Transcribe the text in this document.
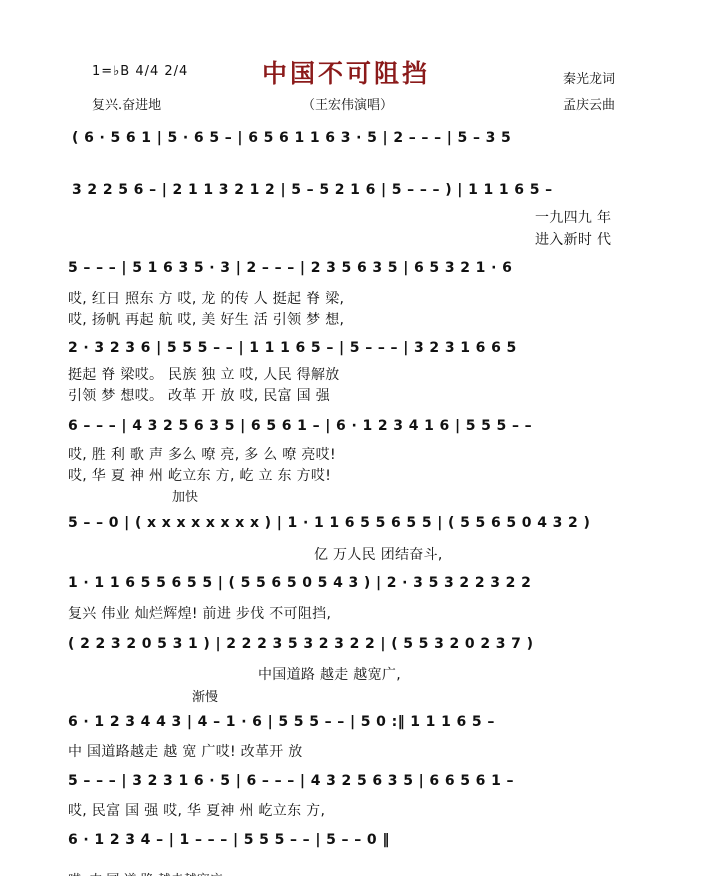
1=♭B 4/4 2/4
复兴.奋进地
中国不可阻挡
（王宏伟演唱）
秦光龙词
孟庆云曲
( 6 · 5 6 1 | 5 · 6 5 – | 6 5 6 1 1 6 3 · 5 | 2 – – – | 5 – 3 5
3 2 2 5 6 – | 2 1 1 3 2 1 2 | 5 – 5 2 1 6 | 5 – – – ) | 1 1 1 6 5 –
一九四九 年
进入新时 代
5 – – – | 5 1 6 3 5 · 3 | 2 – – – | 2 3 5 6 3 5 | 6 5 3 2 1 · 6
哎, 红日 照东 方 哎, 龙 的传 人 挺起 脊 梁,
哎, 扬帆 再起 航 哎, 美 好生 活 引领 梦 想,
2 · 3 2 3 6 | 5 5 5 – – | 1 1 1 6 5 – | 5 – – – | 3 2 3 1 6 6 5
挺起 脊 梁哎。 民族 独 立 哎, 人民 得解放
引领 梦 想哎。 改革 开 放 哎, 民富 国 强
6 – – – | 4 3 2 5 6 3 5 | 6 5 6 1 – | 6 · 1 2 3 4 1 6 | 5 5 5 – –
哎, 胜 利 歌 声 多么 嘹 亮, 多 么 嘹 亮哎!
哎, 华 夏 神 州 屹立东 方, 屹 立 东 方哎!
加快
5 – – 0 | ( x x x x x x x x ) | 1 · 1 1 6 5 5 6 5 5 | ( 5 5 6 5 0 4 3 2 )
亿 万人民 团结奋斗,
1 · 1 1 6 5 5 6 5 5 | ( 5 5 6 5 0 5 4 3 ) | 2 · 3 5 3 2 2 3 2 2
复兴 伟业 灿烂辉煌! 前进 步伐 不可阻挡,
( 2 2 3 2 0 5 3 1 ) | 2 2 2 3 5 3 2 3 2 2 | ( 5 5 3 2 0 2 3 7 )
中国道路 越走 越宽广,
渐慢
6 · 1 2 3 4 4 3 | 4 – 1 · 6 | 5 5 5 – – | 5 0 :‖ 1 1 1 6 5 –
中 国道路越走 越 宽 广哎! 改革开 放
5 – – – | 3 2 3 1 6 · 5 | 6 – – – | 4 3 2 5 6 3 5 | 6 6 5 6 1 –
哎, 民富 国 强 哎, 华 夏神 州 屹立东 方,
6 · 1 2 3 4 – | 1 – – – | 5 5 5 – – | 5 – – 0 ‖
